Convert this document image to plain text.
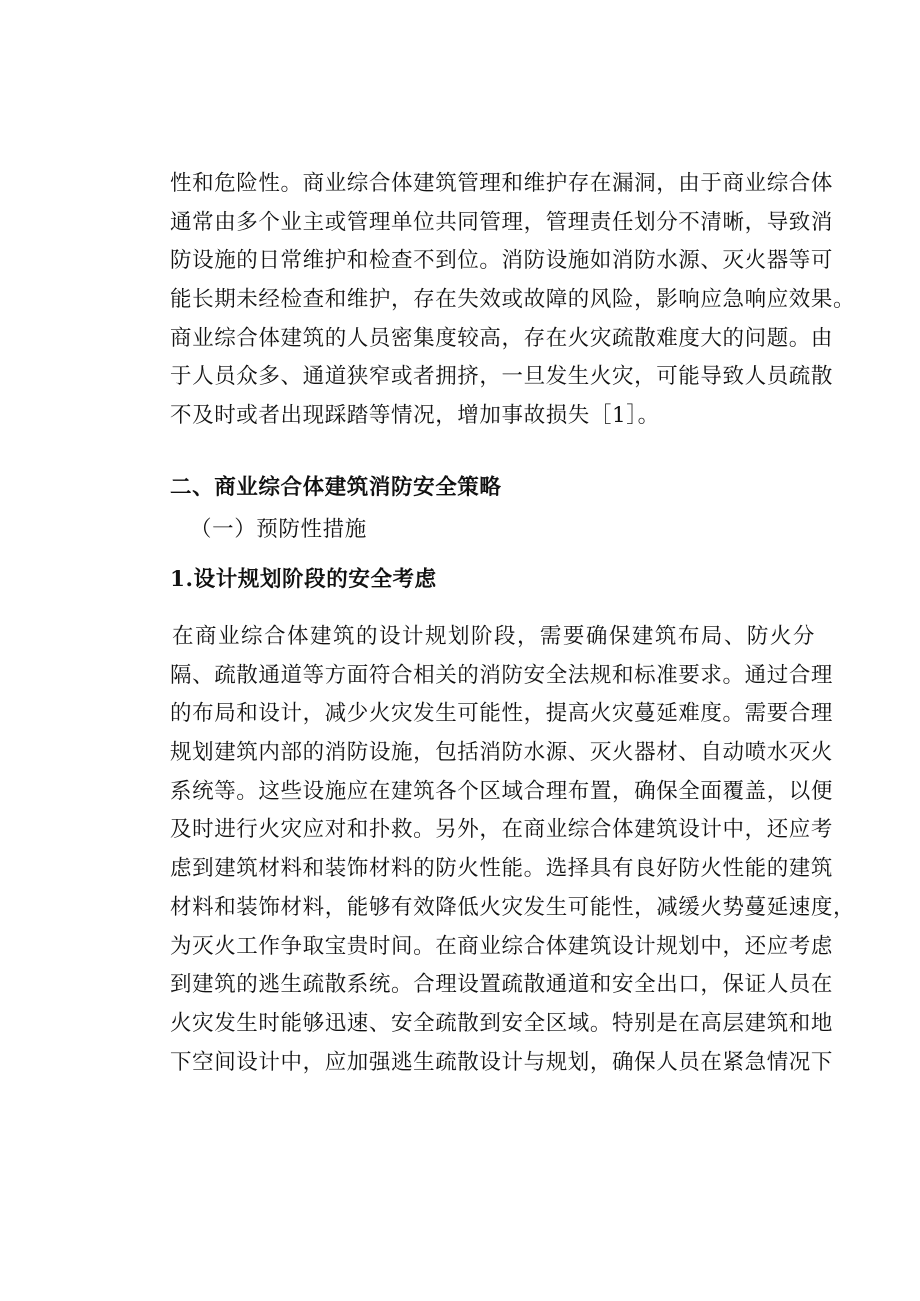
性和危险性。商业综合体建筑管理和维护存在漏洞，由于商业综合体
通常由多个业主或管理单位共同管理，管理责任划分不清晰，导致消
防设施的日常维护和检查不到位。消防设施如消防水源、灭火器等可
能长期未经检查和维护，存在失效或故障的风险，影响应急响应效果。
商业综合体建筑的人员密集度较高，存在火灾疏散难度大的问题。由
于人员众多、通道狭窄或者拥挤，一旦发生火灾，可能导致人员疏散
不及时或者出现踩踏等情况，增加事故损失［1］。
二、商业综合体建筑消防安全策略
（一）预防性措施
1.设计规划阶段的安全考虑
在商业综合体建筑的设计规划阶段，需要确保建筑布局、防火分
隔、疏散通道等方面符合相关的消防安全法规和标准要求。通过合理
的布局和设计，减少火灾发生可能性，提高火灾蔓延难度。需要合理
规划建筑内部的消防设施，包括消防水源、灭火器材、自动喷水灭火
系统等。这些设施应在建筑各个区域合理布置，确保全面覆盖，以便
及时进行火灾应对和扑救。另外，在商业综合体建筑设计中，还应考
虑到建筑材料和装饰材料的防火性能。选择具有良好防火性能的建筑
材料和装饰材料，能够有效降低火灾发生可能性，减缓火势蔓延速度，
为灭火工作争取宝贵时间。在商业综合体建筑设计规划中，还应考虑
到建筑的逃生疏散系统。合理设置疏散通道和安全出口，保证人员在
火灾发生时能够迅速、安全疏散到安全区域。特别是在高层建筑和地
下空间设计中，应加强逃生疏散设计与规划，确保人员在紧急情况下
